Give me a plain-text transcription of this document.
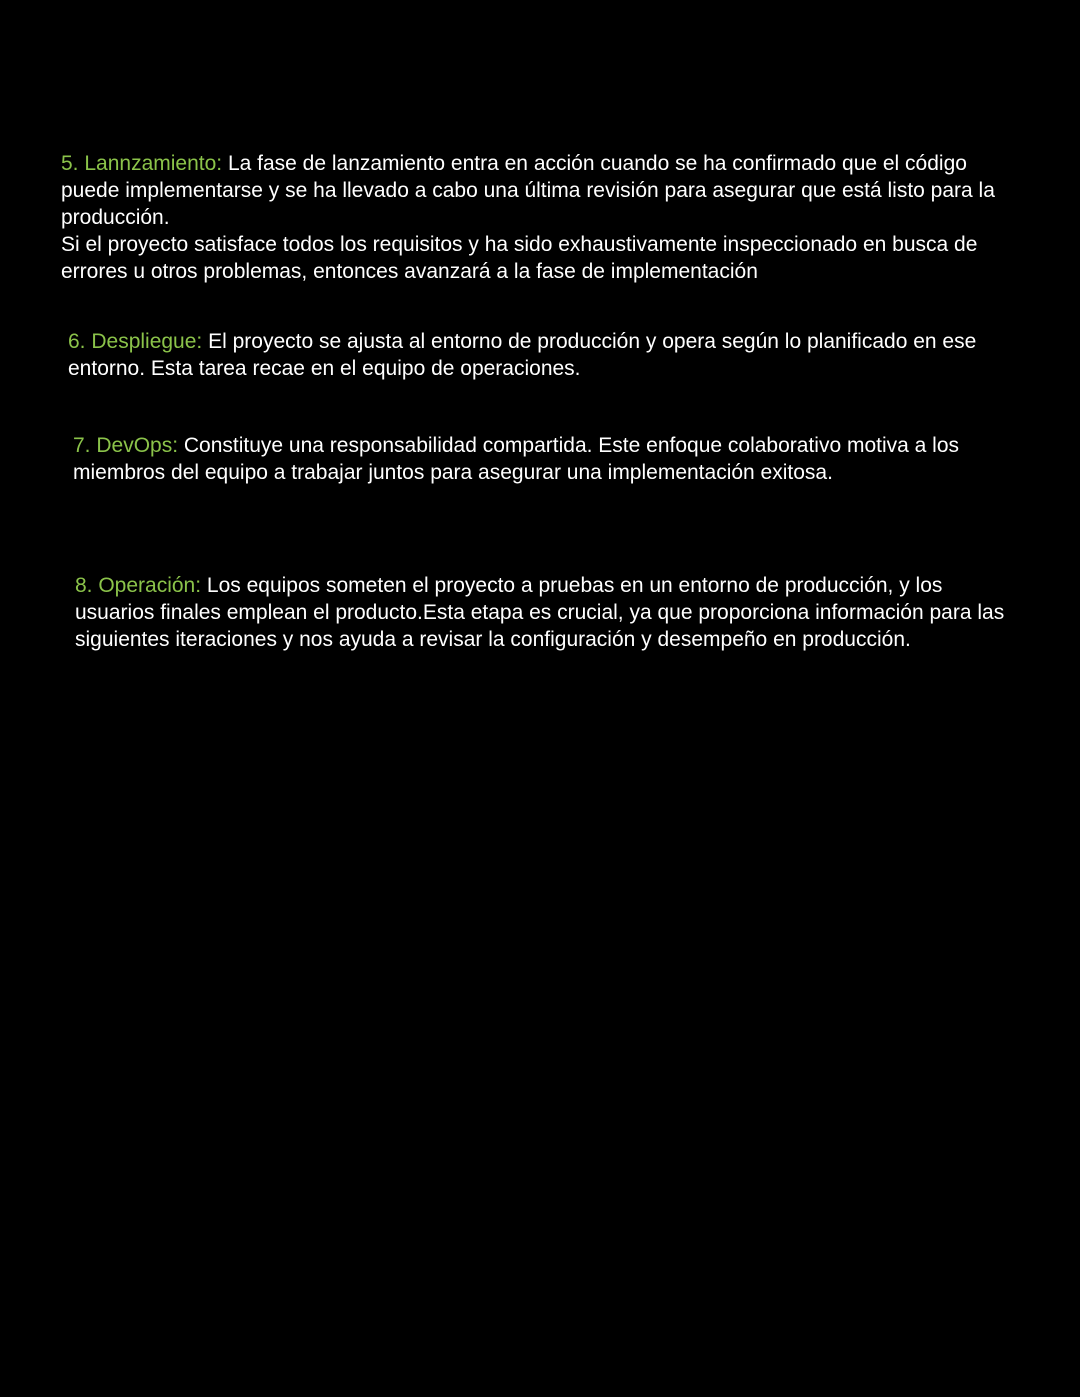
5. Lannzamiento: La fase de lanzamiento entra en acción cuando se ha confirmado que el código puede implementarse y se ha llevado a cabo una última revisión para asegurar que está listo para la producción.

Si el proyecto satisface todos los requisitos y ha sido exhaustivamente inspeccionado en busca de errores u otros problemas, entonces avanzará a la fase de implementación

6. Despliegue: El proyecto se ajusta al entorno de producción y opera según lo planificado en ese entorno. Esta tarea recae en el equipo de operaciones.

7. DevOps: Constituye una responsabilidad compartida. Este enfoque colaborativo motiva a los miembros del equipo a trabajar juntos para asegurar una implementación exitosa.

8. Operación: Los equipos someten el proyecto a pruebas en un entorno de producción, y los usuarios finales emplean el producto.Esta etapa es crucial, ya que proporciona información para las siguientes iteraciones y nos ayuda a revisar la configuración y desempeño en producción.
